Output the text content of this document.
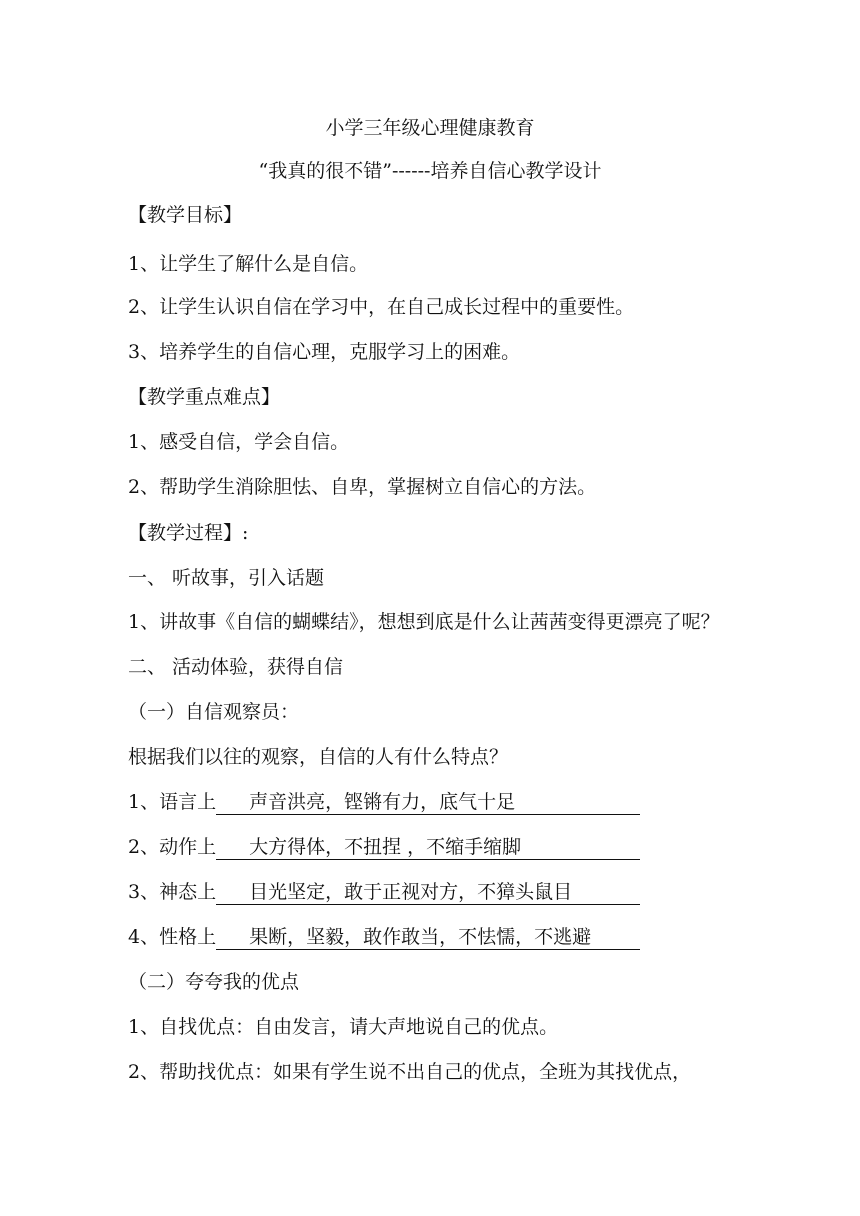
小学三年级心理健康教育
“我真的很不错”------培养自信心教学设计
【教学目标】
1、让学生了解什么是自信。
2、让学生认识自信在学习中，在自己成长过程中的重要性。
3、培养学生的自信心理，克服学习上的困难。
【教学重点难点】
1、感受自信，学会自信。
2、帮助学生消除胆怯、自卑，掌握树立自信心的方法。
【教学过程】:
一、 听故事，引入话题
1、讲故事《自信的蝴蝶结》，想想到底是什么让茜茜变得更漂亮了呢？
二、 活动体验，获得自信
（一）自信观察员：
根据我们以往的观察，自信的人有什么特点？
1、语言上 声音洪亮，铿锵有力，底气十足
2、动作上 大方得体，不扭捏 ，不缩手缩脚
3、神态上 目光坚定，敢于正视对方，不獐头鼠目
4、性格上 果断，坚毅，敢作敢当，不怯懦，不逃避
（二）夸夸我的优点
1、自找优点：自由发言，请大声地说自己的优点。
2、帮助找优点：如果有学生说不出自己的优点，全班为其找优点，
